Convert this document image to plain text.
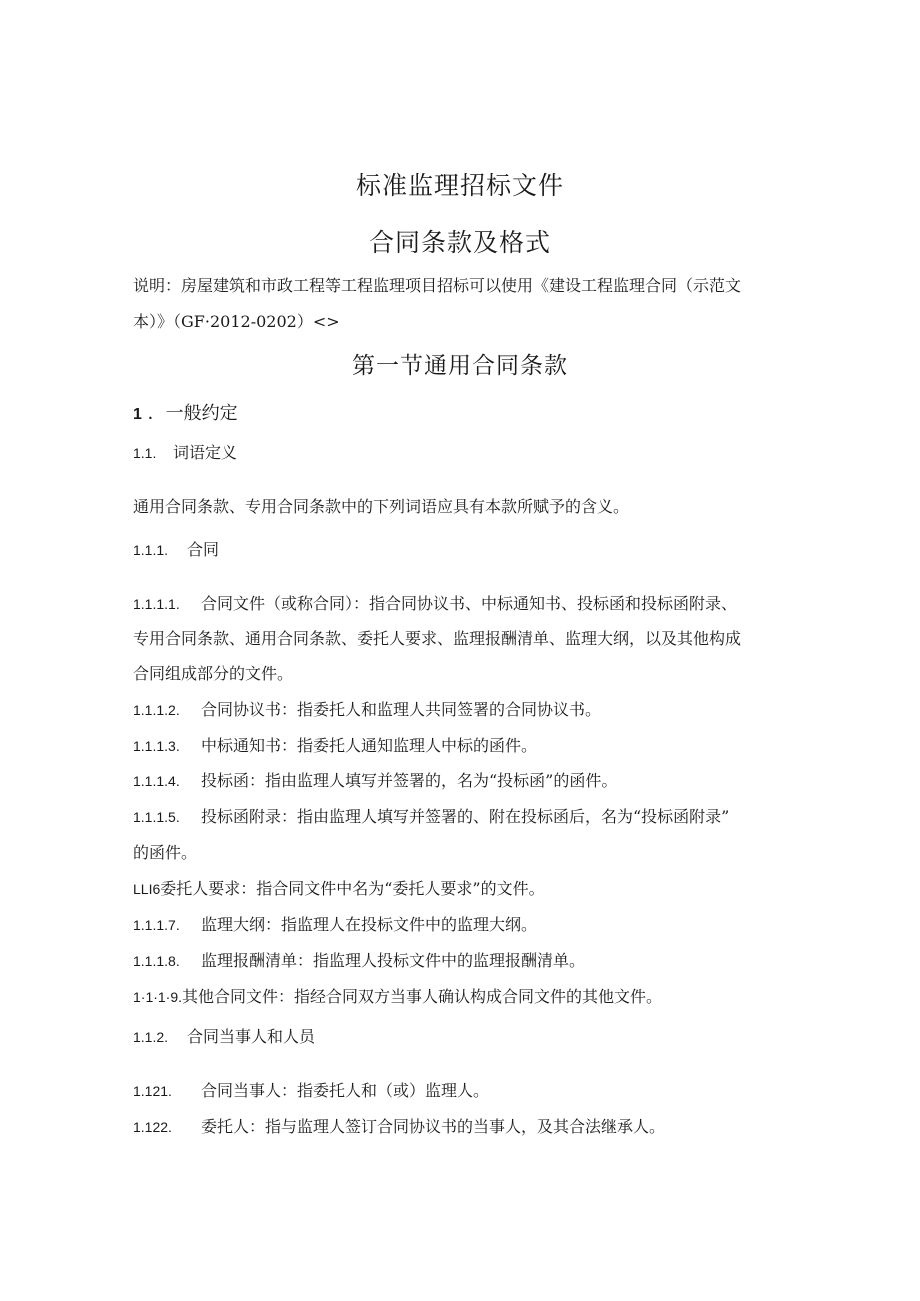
标准监理招标文件
合同条款及格式
说明：房屋建筑和市政工程等工程监理项目招标可以使用《建设工程监理合同（示范文
本）》（GF·2012-0202）<>
第一节通用合同条款
1 ．一般约定
1.1. 词语定义
通用合同条款、专用合同条款中的下列词语应具有本款所赋予的含义。
1.1.1. 合同
1.1.1.1. 合同文件（或称合同）：指合同协议书、中标通知书、投标函和投标函附录、
专用合同条款、通用合同条款、委托人要求、监理报酬清单、监理大纲，以及其他构成
合同组成部分的文件。
1.1.1.2. 合同协议书：指委托人和监理人共同签署的合同协议书。
1.1.1.3. 中标通知书：指委托人通知监理人中标的函件。
1.1.1.4. 投标函：指由监理人填写并签署的，名为“投标函”的函件。
1.1.1.5. 投标函附录：指由监理人填写并签署的、附在投标函后，名为“投标函附录”
的函件。
LLI6委托人要求：指合同文件中名为“委托人要求”的文件。
1.1.1.7. 监理大纲：指监理人在投标文件中的监理大纲。
1.1.1.8. 监理报酬清单：指监理人投标文件中的监理报酬清单。
1·1·1·9.其他合同文件：指经合同双方当事人确认构成合同文件的其他文件。
1.1.2. 合同当事人和人员
1.121. 合同当事人：指委托人和（或）监理人。
1.122. 委托人：指与监理人签订合同协议书的当事人，及其合法继承人。
